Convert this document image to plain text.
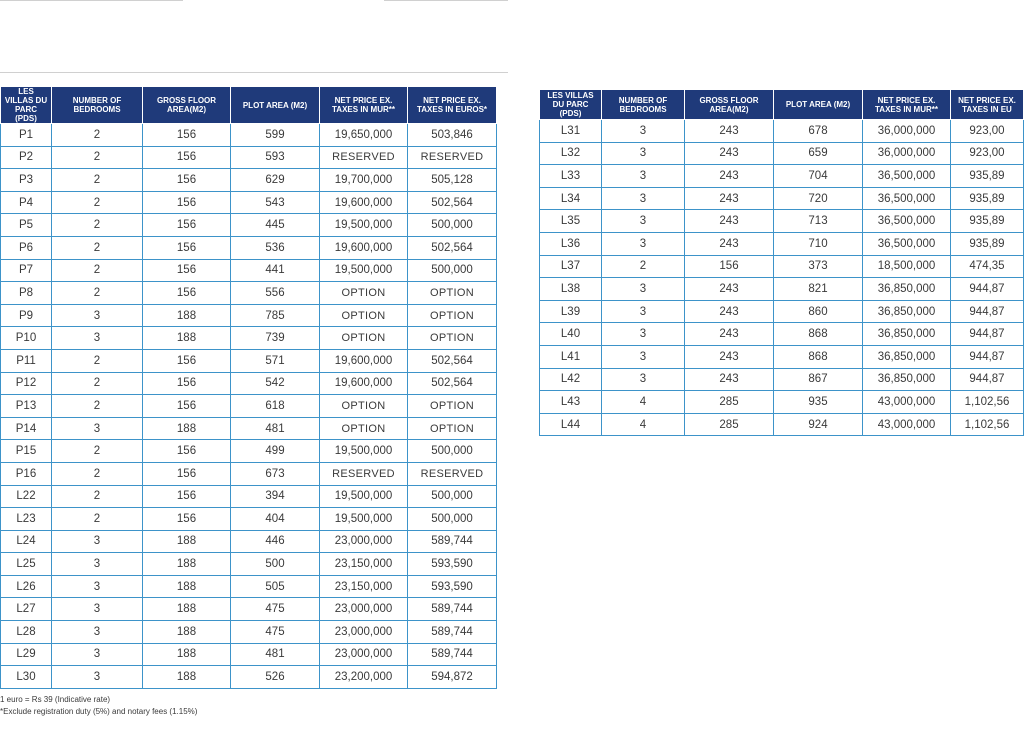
LES VILLAS DU PARC (PDS)	NUMBER OF BEDROOMS	GROSS FLOOR AREA(M2)	PLOT AREA (M2)	NET PRICE EX. TAXES IN MUR**	NET PRICE EX. TAXES IN EUROS*
P1	2	156	599	19,650,000	503,846
P2	2	156	593	RESERVED	RESERVED
P3	2	156	629	19,700,000	505,128
P4	2	156	543	19,600,000	502,564
P5	2	156	445	19,500,000	500,000
P6	2	156	536	19,600,000	502,564
P7	2	156	441	19,500,000	500,000
P8	2	156	556	OPTION	OPTION
P9	3	188	785	OPTION	OPTION
P10	3	188	739	OPTION	OPTION
P11	2	156	571	19,600,000	502,564
P12	2	156	542	19,600,000	502,564
P13	2	156	618	OPTION	OPTION
P14	3	188	481	OPTION	OPTION
P15	2	156	499	19,500,000	500,000
P16	2	156	673	RESERVED	RESERVED
L22	2	156	394	19,500,000	500,000
L23	2	156	404	19,500,000	500,000
L24	3	188	446	23,000,000	589,744
L25	3	188	500	23,150,000	593,590
L26	3	188	505	23,150,000	593,590
L27	3	188	475	23,000,000	589,744
L28	3	188	475	23,000,000	589,744
L29	3	188	481	23,000,000	589,744
L30	3	188	526	23,200,000	594,872
LES VILLAS DU PARC (PDS)	NUMBER OF BEDROOMS	GROSS FLOOR AREA(M2)	PLOT AREA (M2)	NET PRICE EX. TAXES IN MUR**	NET PRICE EX. TAXES IN EU
L31	3	243	678	36,000,000	923,00
L32	3	243	659	36,000,000	923,00
L33	3	243	704	36,500,000	935,89
L34	3	243	720	36,500,000	935,89
L35	3	243	713	36,500,000	935,89
L36	3	243	710	36,500,000	935,89
L37	2	156	373	18,500,000	474,35
L38	3	243	821	36,850,000	944,87
L39	3	243	860	36,850,000	944,87
L40	3	243	868	36,850,000	944,87
L41	3	243	868	36,850,000	944,87
L42	3	243	867	36,850,000	944,87
L43	4	285	935	43,000,000	1,102,56
L44	4	285	924	43,000,000	1,102,56
1 euro = Rs 39 (Indicative rate)
*Exclude registration duty (5%) and notary fees (1.15%)
